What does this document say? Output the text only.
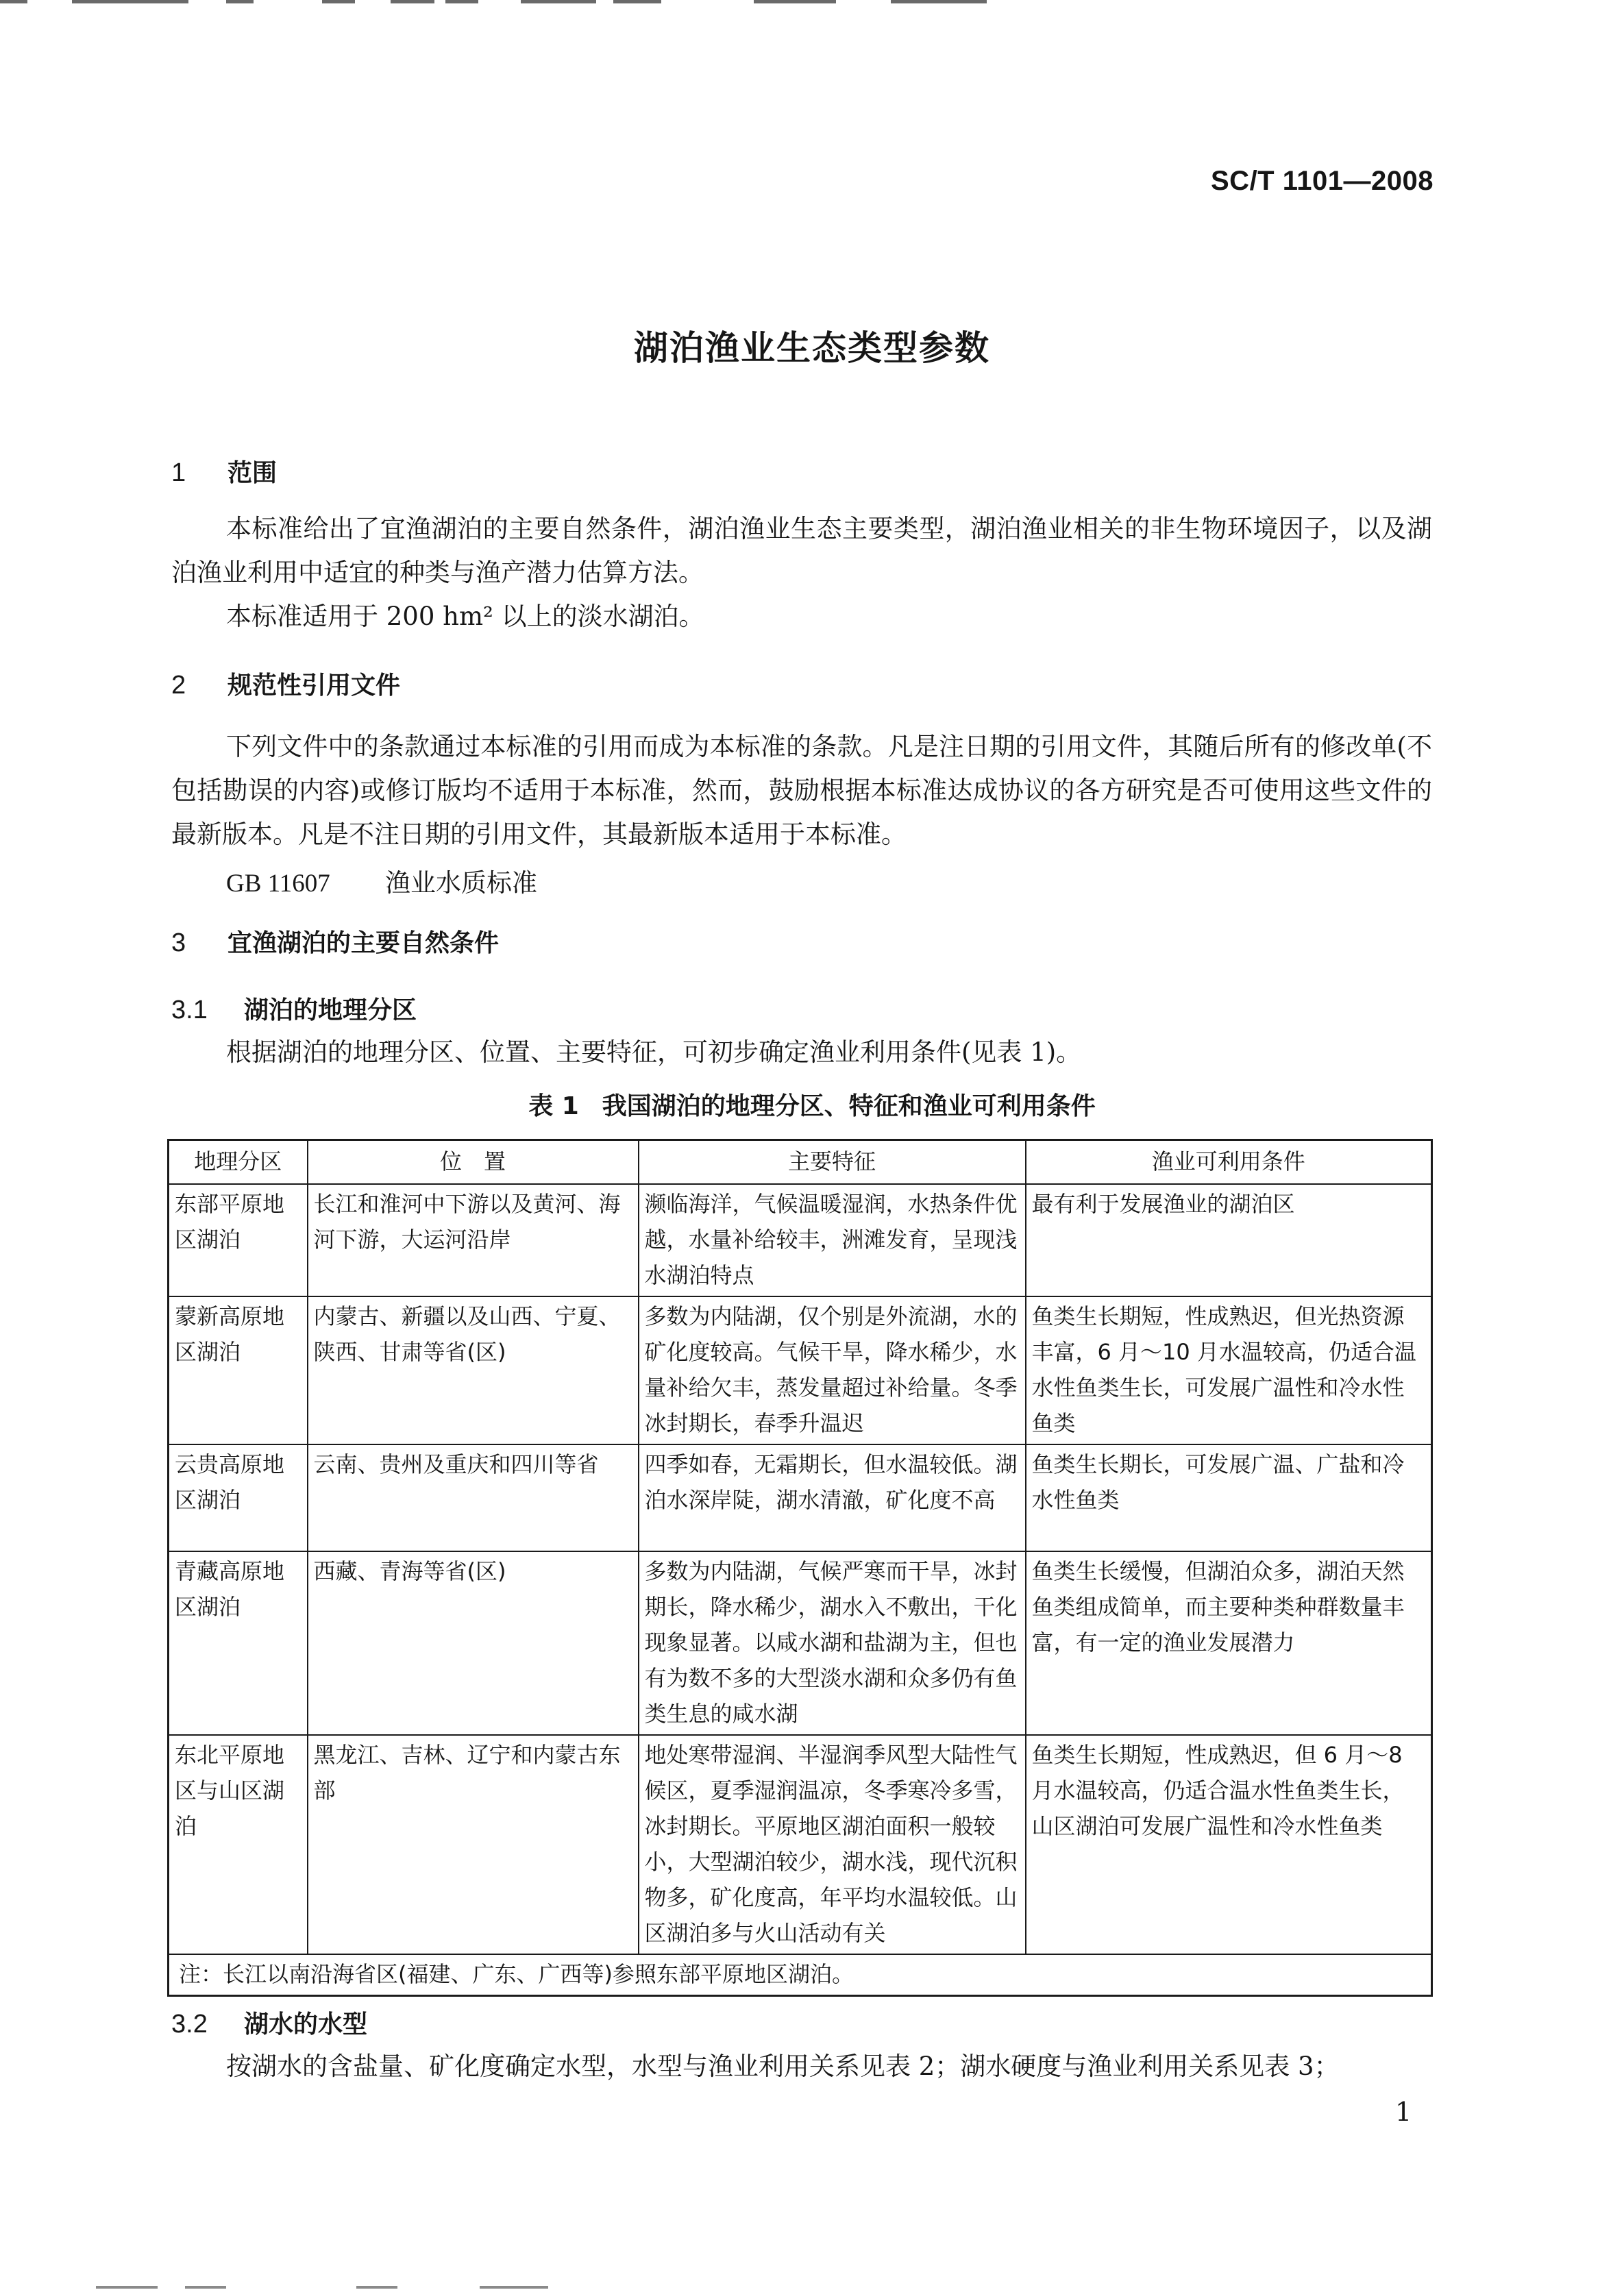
SC/T 1101—2008
湖泊渔业生态类型参数
1 范围
本标准给出了宜渔湖泊的主要自然条件，湖泊渔业生态主要类型，湖泊渔业相关的非生物环境因子，以及湖泊渔业利用中适宜的种类与渔产潜力估算方法。
本标准适用于 200 hm² 以上的淡水湖泊。
2 规范性引用文件
下列文件中的条款通过本标准的引用而成为本标准的条款。凡是注日期的引用文件，其随后所有的修改单(不包括勘误的内容)或修订版均不适用于本标准，然而，鼓励根据本标准达成协议的各方研究是否可使用这些文件的最新版本。凡是不注日期的引用文件，其最新版本适用于本标准。
GB 11607 渔业水质标准
3 宜渔湖泊的主要自然条件
3.1 湖泊的地理分区
根据湖泊的地理分区、位置、主要特征，可初步确定渔业利用条件(见表 1)。
表 1 我国湖泊的地理分区、特征和渔业可利用条件
地理分区	位　置	主要特征	渔业可利用条件
东部平原地区湖泊	长江和淮河中下游以及黄河、海河下游，大运河沿岸	濒临海洋，气候温暖湿润，水热条件优越，水量补给较丰，洲滩发育，呈现浅水湖泊特点	最有利于发展渔业的湖泊区
蒙新高原地区湖泊	内蒙古、新疆以及山西、宁夏、陕西、甘肃等省(区)	多数为内陆湖，仅个别是外流湖，水的矿化度较高。气候干旱，降水稀少，水量补给欠丰，蒸发量超过补给量。冬季冰封期长，春季升温迟	鱼类生长期短，性成熟迟，但光热资源丰富，6 月～10 月水温较高，仍适合温水性鱼类生长，可发展广温性和冷水性鱼类
云贵高原地区湖泊	云南、贵州及重庆和四川等省	四季如春，无霜期长，但水温较低。湖泊水深岸陡，湖水清澈，矿化度不高	鱼类生长期长，可发展广温、广盐和冷水性鱼类
青藏高原地区湖泊	西藏、青海等省(区)	多数为内陆湖，气候严寒而干旱，冰封期长，降水稀少，湖水入不敷出，干化现象显著。以咸水湖和盐湖为主，但也有为数不多的大型淡水湖和众多仍有鱼类生息的咸水湖	鱼类生长缓慢，但湖泊众多，湖泊天然鱼类组成简单，而主要种类种群数量丰富，有一定的渔业发展潜力
东北平原地区与山区湖泊	黑龙江、吉林、辽宁和内蒙古东部	地处寒带湿润、半湿润季风型大陆性气候区，夏季湿润温凉，冬季寒冷多雪，冰封期长。平原地区湖泊面积一般较小，大型湖泊较少，湖水浅，现代沉积物多，矿化度高，年平均水温较低。山区湖泊多与火山活动有关	鱼类生长期短，性成熟迟，但 6 月～8 月水温较高，仍适合温水性鱼类生长，山区湖泊可发展广温性和冷水性鱼类
注：长江以南沿海省区(福建、广东、广西等)参照东部平原地区湖泊。			
3.2 湖水的水型
按湖水的含盐量、矿化度确定水型，水型与渔业利用关系见表 2；湖水硬度与渔业利用关系见表 3；
1
